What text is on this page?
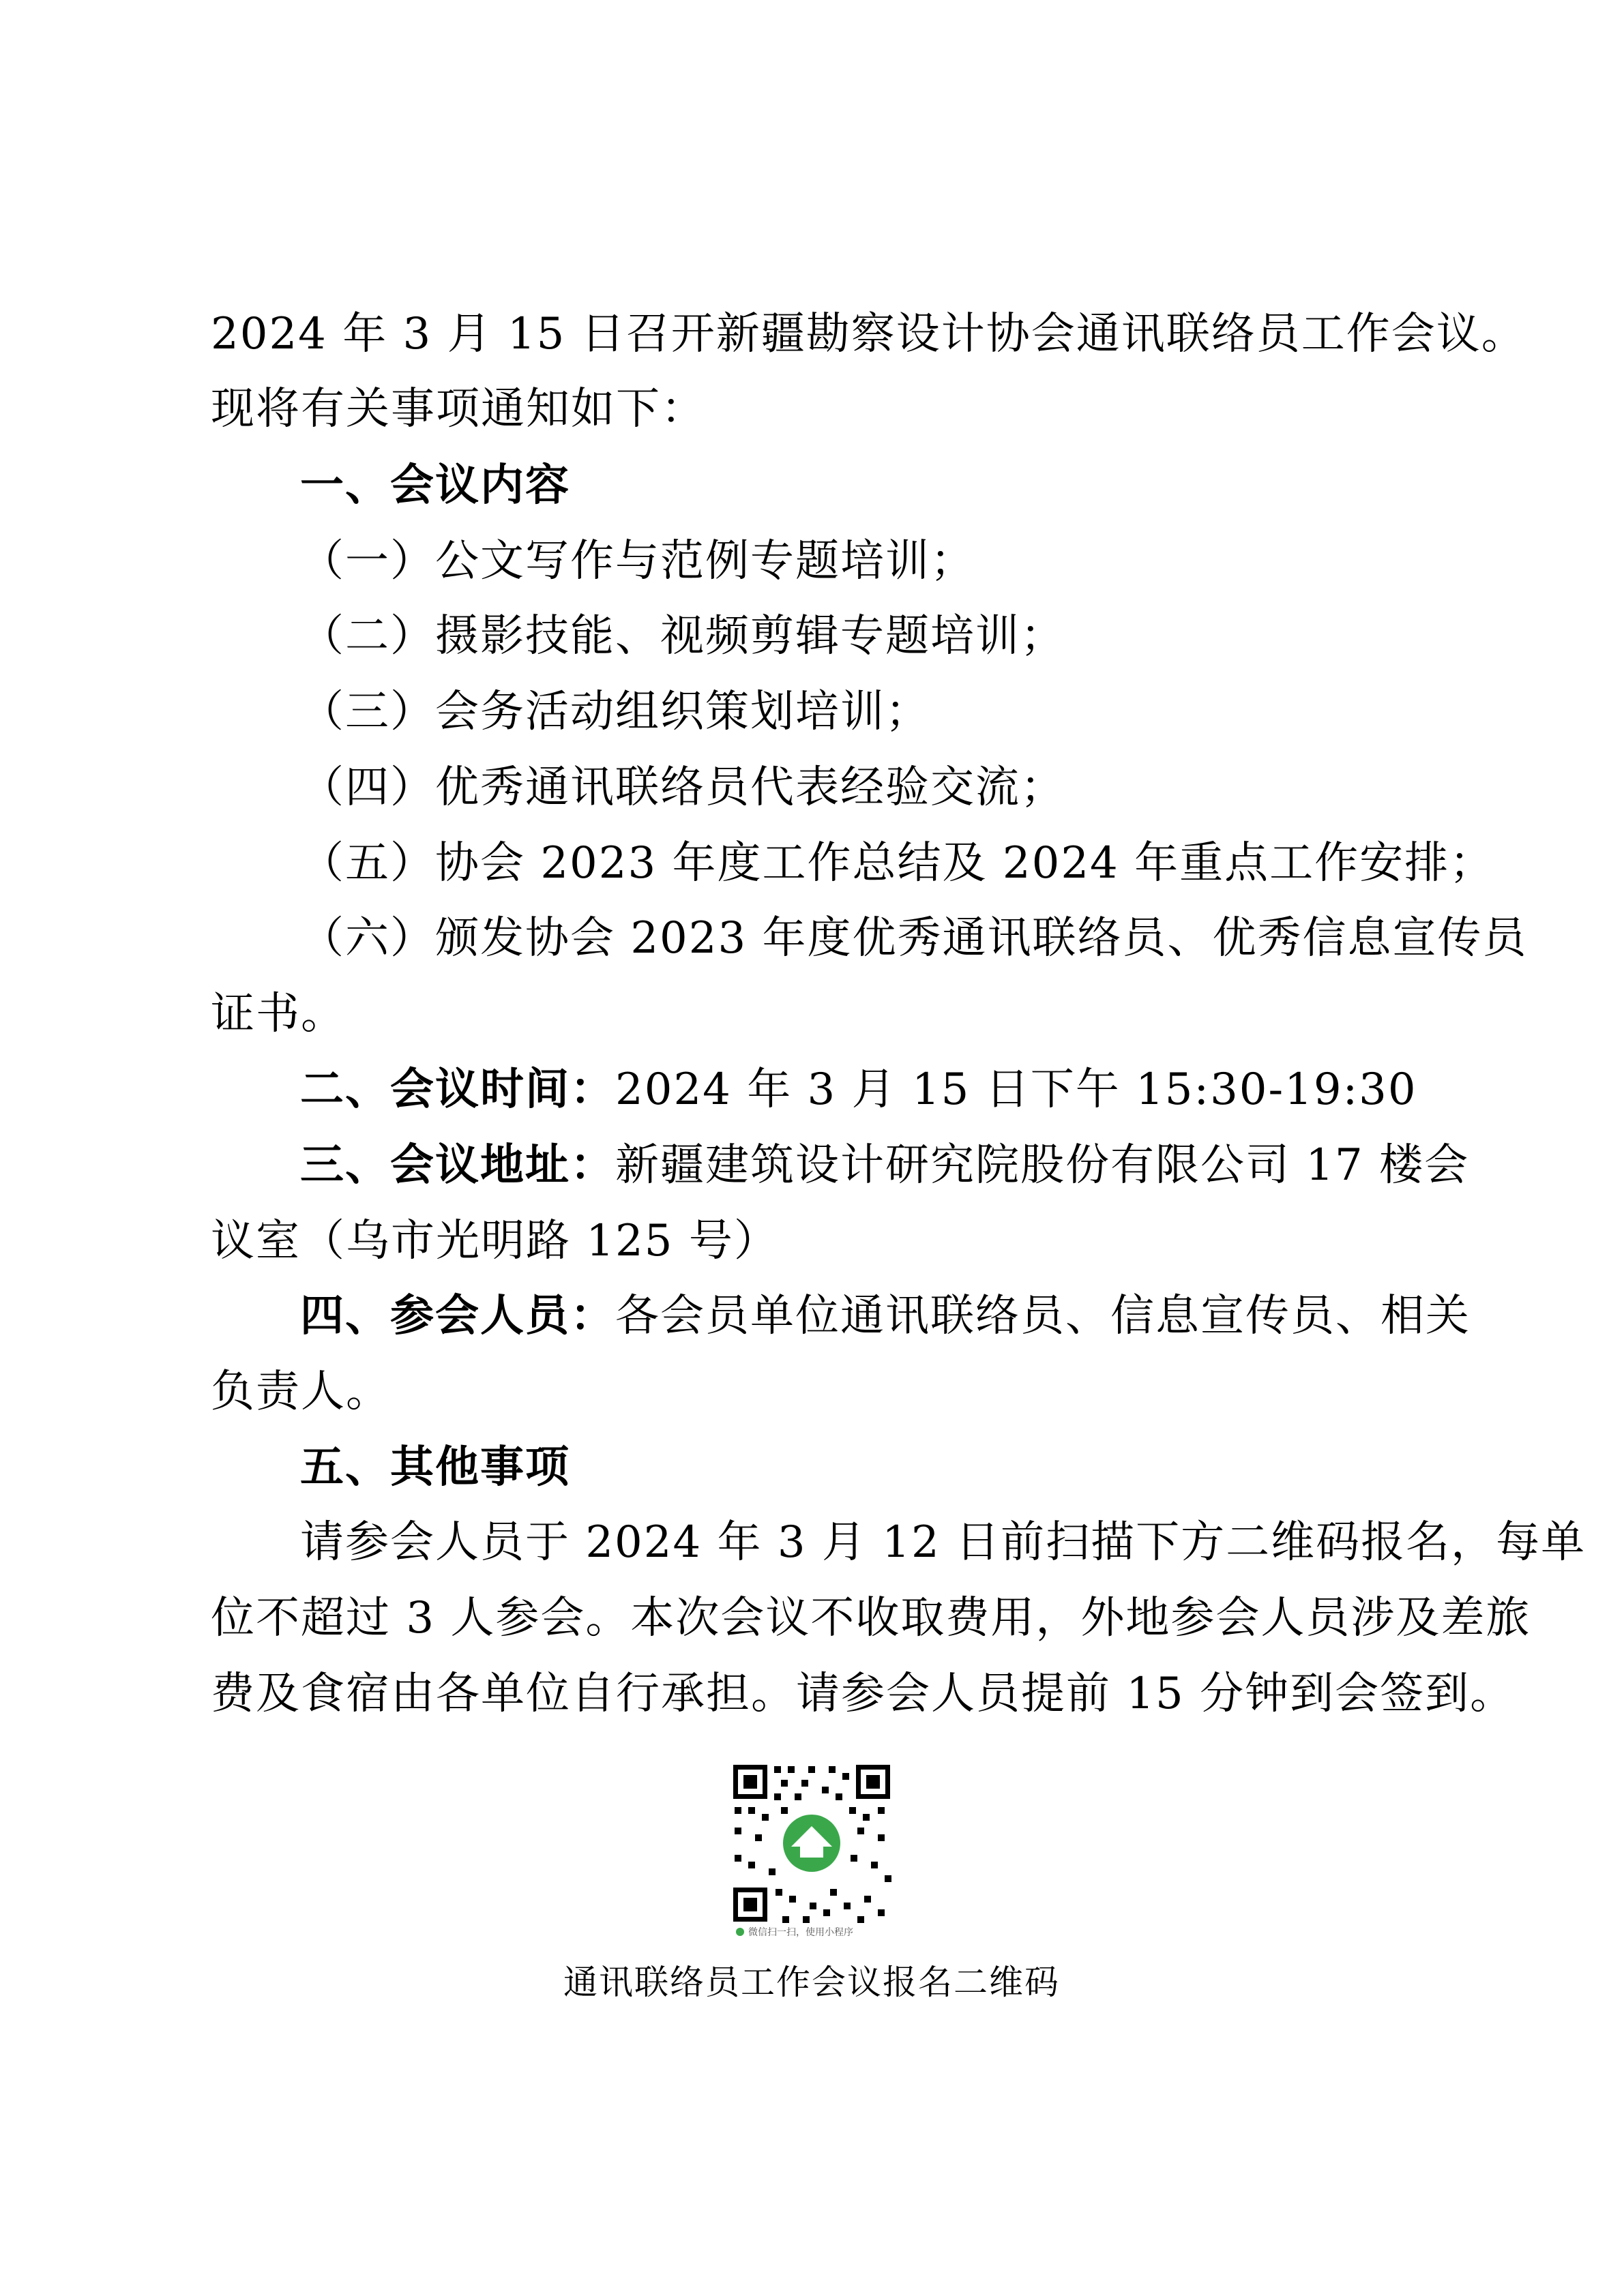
2024 年 3 月 15 日召开新疆勘察设计协会通讯联络员工作会议。
现将有关事项通知如下：
一、会议内容
（一）公文写作与范例专题培训；
（二）摄影技能、视频剪辑专题培训；
（三）会务活动组织策划培训；
（四）优秀通讯联络员代表经验交流；
（五）协会 2023 年度工作总结及 2024 年重点工作安排；
（六）颁发协会 2023 年度优秀通讯联络员、优秀信息宣传员
证书。
二、会议时间：2024 年 3 月 15 日下午 15:30-19:30
三、会议地址：新疆建筑设计研究院股份有限公司 17 楼会
议室（乌市光明路 125 号）
四、参会人员：各会员单位通讯联络员、信息宣传员、相关
负责人。
五、其他事项
请参会人员于 2024 年 3 月 12 日前扫描下方二维码报名，每单
位不超过 3 人参会。本次会议不收取费用，外地参会人员涉及差旅
费及食宿由各单位自行承担。请参会人员提前 15 分钟到会签到。
微信扫一扫，使用小程序
通讯联络员工作会议报名二维码
